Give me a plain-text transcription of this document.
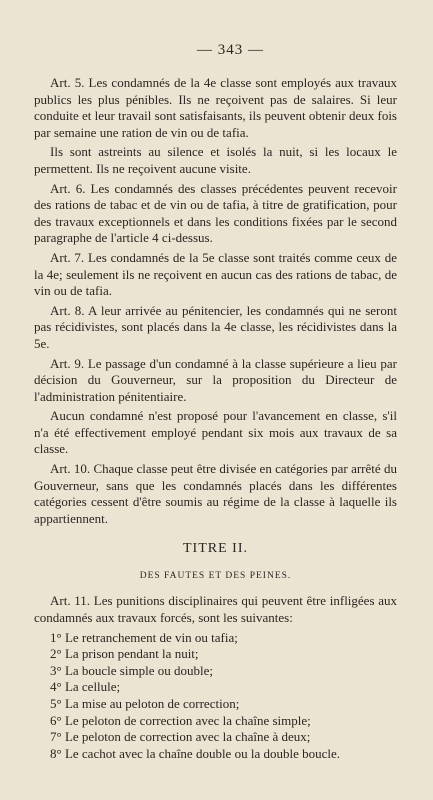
— 343 —

Art. 5. Les condamnés de la 4e classe sont employés aux travaux publics les plus pénibles. Ils ne reçoivent pas de salaires. Si leur conduite et leur travail sont satisfaisants, ils peuvent obtenir deux fois par semaine une ration de vin ou de tafia.

Ils sont astreints au silence et isolés la nuit, si les locaux le permettent. Ils ne reçoivent aucune visite.

Art. 6. Les condamnés des classes précédentes peuvent recevoir des rations de tabac et de vin ou de tafia, à titre de gratification, pour des travaux exceptionnels et dans les conditions fixées par le second paragraphe de l'article 4 ci-dessus.

Art. 7. Les condamnés de la 5e classe sont traités comme ceux de la 4e; seulement ils ne reçoivent en aucun cas des rations de tabac, de vin ou de tafia.

Art. 8. A leur arrivée au pénitencier, les condamnés qui ne seront pas récidivistes, sont placés dans la 4e classe, les récidivistes dans la 5e.

Art. 9. Le passage d'un condamné à la classe supérieure a lieu par décision du Gouverneur, sur la proposition du Directeur de l'administration pénitentiaire.

Aucun condamné n'est proposé pour l'avancement en classe, s'il n'a été effectivement employé pendant six mois aux travaux de sa classe.

Art. 10. Chaque classe peut être divisée en catégories par arrêté du Gouverneur, sans que les condamnés placés dans les différentes catégories cessent d'être soumis au régime de la classe à laquelle ils appartiennent.

TITRE II.
DES FAUTES ET DES PEINES.

Art. 11. Les punitions disciplinaires qui peuvent être infligées aux condamnés aux travaux forcés, sont les suivantes:

1° Le retranchement de vin ou tafia;
2° La prison pendant la nuit;
3° La boucle simple ou double;
4° La cellule;
5° La mise au peloton de correction;
6° Le peloton de correction avec la chaîne simple;
7° Le peloton de correction avec la chaîne à deux;
8° Le cachot avec la chaîne double ou la double boucle.
